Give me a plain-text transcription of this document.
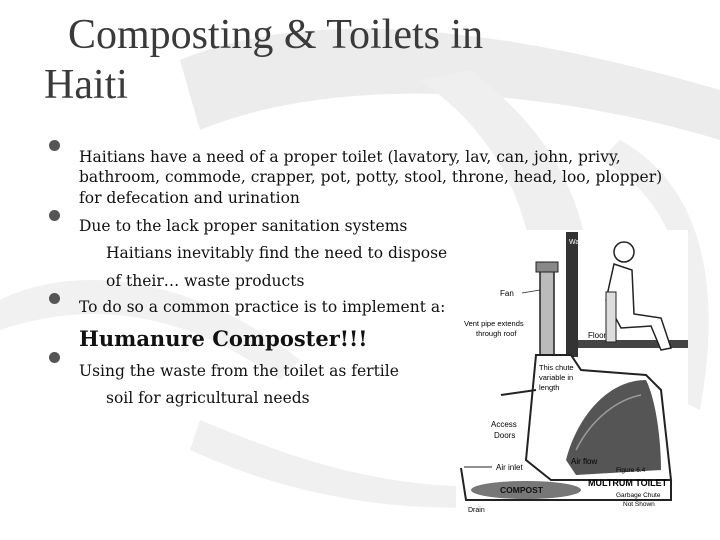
Composting & Toilets in
Haiti
Haitians have a need of a proper toilet (lavatory, lav, can, john, privy,
bathroom, commode, crapper, pot, potty, stool, throne, head, loo, plopper)
for defecation and urination
Due to the lack proper sanitation systems
Haitians inevitably find the need to dispose
of their… waste products
To do so a common practice is to implement a:
Humanure Composter!!!
Using the waste from the toilet as fertile
soil for agricultural needs
Wall
Floor
Fan
Vent pipe extends
through roof
This chute
variable in
length
Access
Doors
COMPOST
Air inlet
Air flow
Figure 6.4
MULTRUM TOILET
Garbage Chute
Not Shown
Drain
